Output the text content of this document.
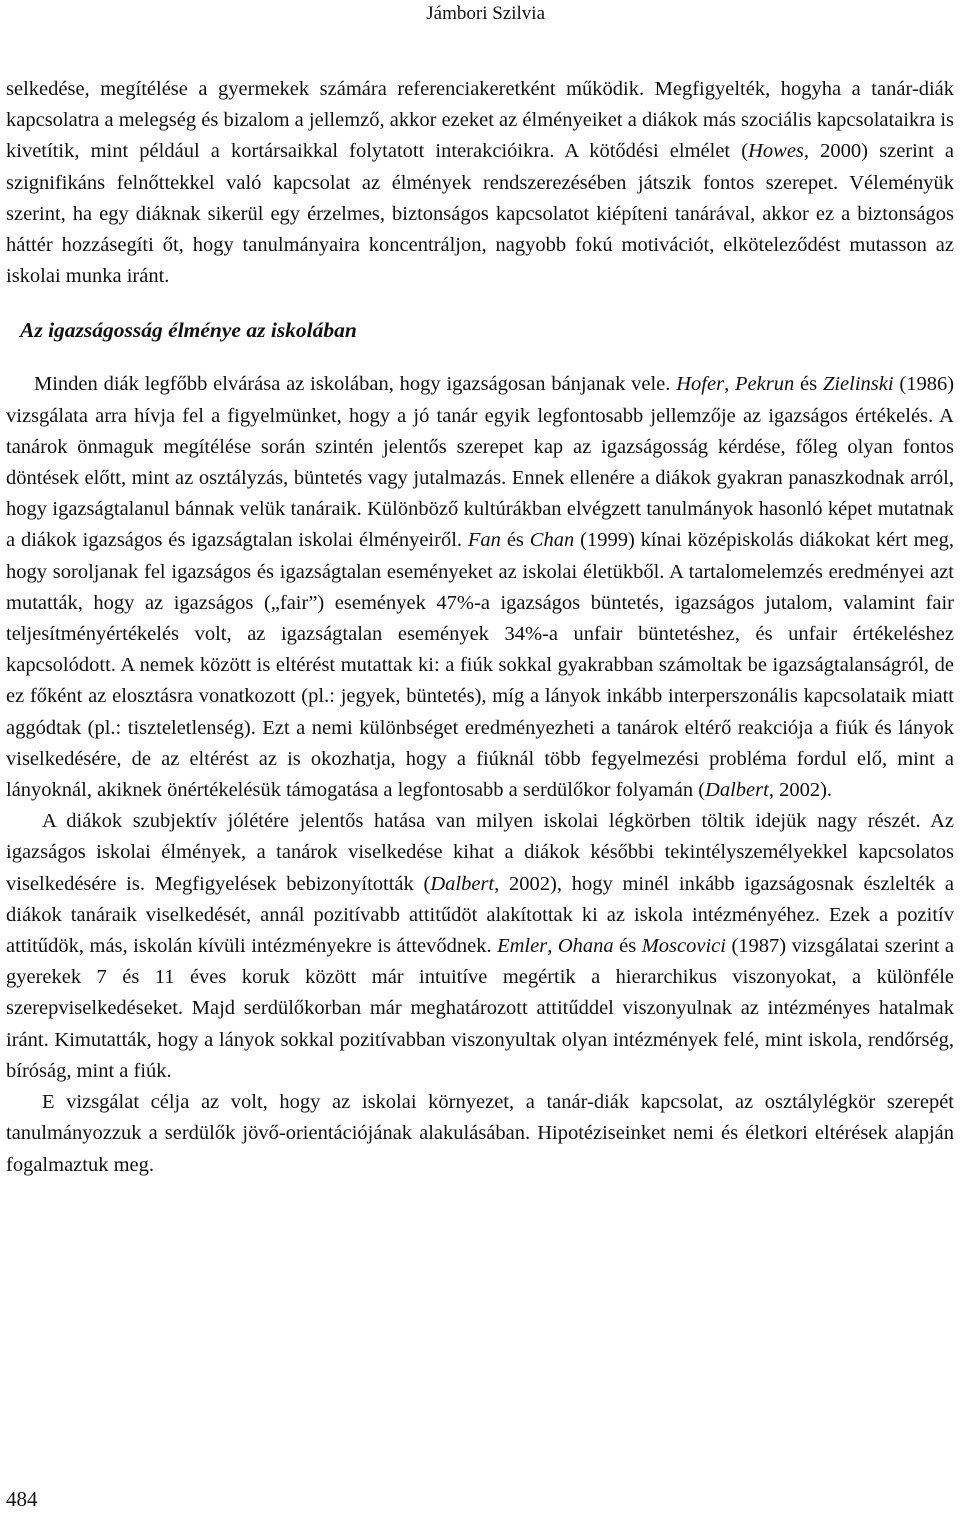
Jámbori Szilvia

selkedése, megítélése a gyermekek számára referenciakeretként működik. Megfigyelték, hogyha a tanár-diák kapcsolatra a melegség és bizalom a jellemző, akkor ezeket az élményeiket a diákok más szociális kapcsolataikra is kivetítik, mint például a kortársaikkal folytatott interakcióikra. A kötődési elmélet (Howes, 2000) szerint a szignifikáns felnőttekkel való kapcsolat az élmények rendszerezésében játszik fontos szerepet. Véleményük szerint, ha egy diáknak sikerül egy érzelmes, biztonságos kapcsolatot kiépíteni tanárával, akkor ez a biztonságos háttér hozzásegíti őt, hogy tanulmányaira koncentráljon, nagyobb fokú motivációt, elköteleződést mutasson az iskolai munka iránt.

Az igazságosság élménye az iskolában

Minden diák legfőbb elvárása az iskolában, hogy igazságosan bánjanak vele. Hofer, Pekrun és Zielinski (1986) vizsgálata arra hívja fel a figyelmünket, hogy a jó tanár egyik legfontosabb jellemzője az igazságos értékelés. A tanárok önmaguk megítélése során szintén jelentős szerepet kap az igazságosság kérdése, főleg olyan fontos döntések előtt, mint az osztályzás, büntetés vagy jutalmazás. Ennek ellenére a diákok gyakran panaszkodnak arról, hogy igazságtalanul bánnak velük tanáraik. Különböző kultúrákban elvégzett tanulmányok hasonló képet mutatnak a diákok igazságos és igazságtalan iskolai élményeiről. Fan és Chan (1999) kínai középiskolás diákokat kért meg, hogy soroljanak fel igazságos és igazságtalan eseményeket az iskolai életükből. A tartalomelemzés eredményei azt mutatták, hogy az igazságos („fair”) események 47%-a igazságos büntetés, igazságos jutalom, valamint fair teljesítményértékelés volt, az igazságtalan események 34%-a unfair büntetéshez, és unfair értékeléshez kapcsolódott. A nemek között is eltérést mutattak ki: a fiúk sokkal gyakrabban számoltak be igazságtalanságról, de ez főként az elosztásra vonatkozott (pl.: jegyek, büntetés), míg a lányok inkább interperszonális kapcsolataik miatt aggódtak (pl.: tiszteletlenség). Ezt a nemi különbséget eredményezheti a tanárok eltérő reakciója a fiúk és lányok viselkedésére, de az eltérést az is okozhatja, hogy a fiúknál több fegyelmezési probléma fordul elő, mint a lányoknál, akiknek önértékelésük támogatása a legfontosabb a serdülőkor folyamán (Dalbert, 2002).

A diákok szubjektív jólétére jelentős hatása van milyen iskolai légkörben töltik idejük nagy részét. Az igazságos iskolai élmények, a tanárok viselkedése kihat a diákok későbbi tekintélyszemélyekkel kapcsolatos viselkedésére is. Megfigyelések bebizonyították (Dalbert, 2002), hogy minél inkább igazságosnak észlelték a diákok tanáraik viselkedését, annál pozitívabb attitűdöt alakítottak ki az iskola intézményéhez. Ezek a pozitív attitűdök, más, iskolán kívüli intézményekre is áttevődnek. Emler, Ohana és Moscovici (1987) vizsgálatai szerint a gyerekek 7 és 11 éves koruk között már intuitíve megértik a hierarchikus viszonyokat, a különféle szerepviselkedéseket. Majd serdülőkorban már meghatározott attitűddel viszonyulnak az intézményes hatalmak iránt. Kimutatták, hogy a lányok sokkal pozitívabban viszonyultak olyan intézmények felé, mint iskola, rendőrség, bíróság, mint a fiúk.

E vizsgálat célja az volt, hogy az iskolai környezet, a tanár-diák kapcsolat, az osztálylégkör szerepét tanulmányozzuk a serdülők jövő-orientációjának alakulásában. Hipotéziseinket nemi és életkori eltérések alapján fogalmaztuk meg.

484
